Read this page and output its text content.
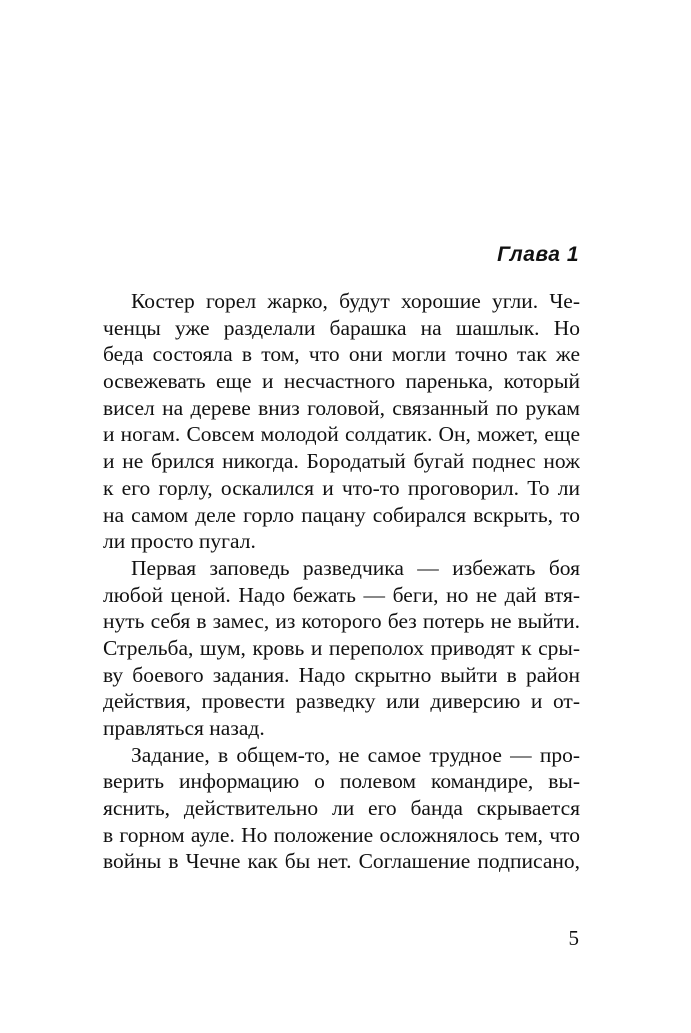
Глава 1
Костер горел жарко, будут хорошие угли. Че-
ченцы уже разделали барашка на шашлык. Но
беда состояла в том, что они могли точно так же
освежевать еще и несчастного паренька, который
висел на дереве вниз головой, связанный по рукам
и ногам. Совсем молодой солдатик. Он, может, еще
и не брился никогда. Бородатый бугай поднес нож
к его горлу, оскалился и что-то проговорил. То ли
на самом деле горло пацану собирался вскрыть, то
ли просто пугал.
Первая заповедь разведчика — избежать боя
любой ценой. Надо бежать — беги, но не дай втя-
нуть себя в замес, из которого без потерь не выйти.
Стрельба, шум, кровь и переполох приводят к сры-
ву боевого задания. Надо скрытно выйти в район
действия, провести разведку или диверсию и от-
правляться назад.
Задание, в общем-то, не самое трудное — про-
верить информацию о полевом командире, вы-
яснить, действительно ли его банда скрывается
в горном ауле. Но положение осложнялось тем, что
войны в Чечне как бы нет. Соглашение подписано,
5
